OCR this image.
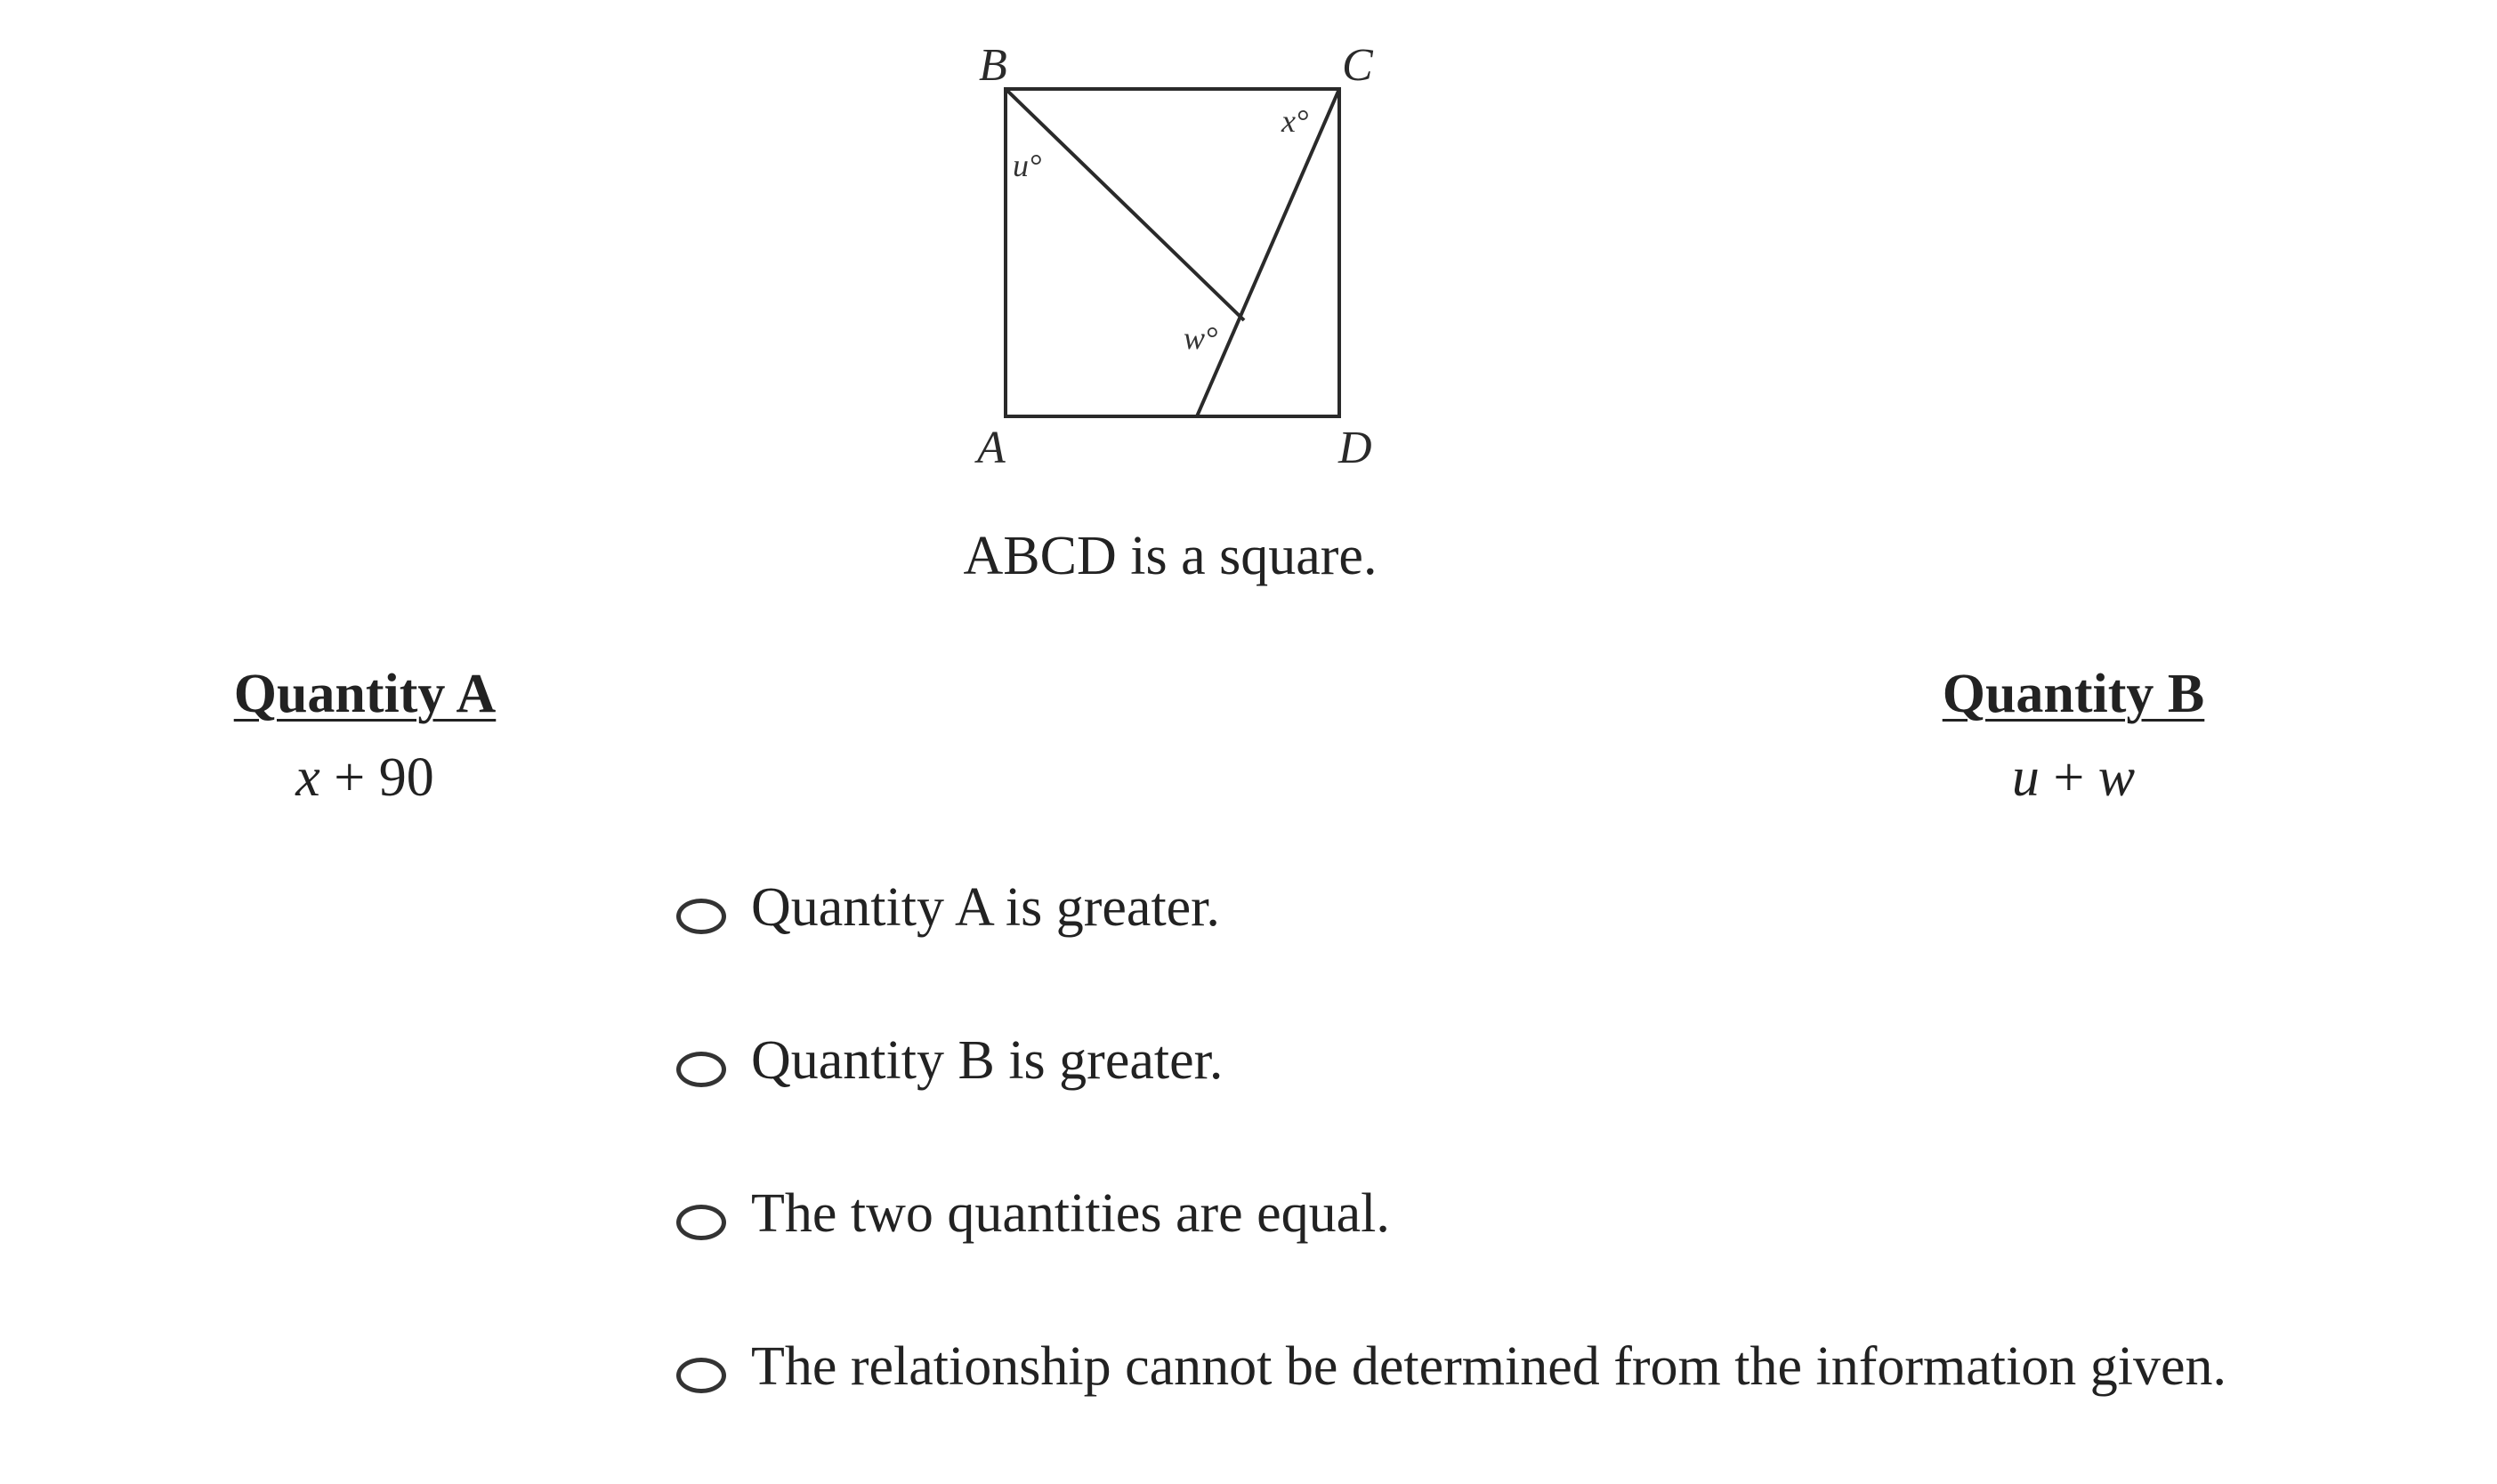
B	C
A	D
u°
x°
w°
ABCD is a square.
Quantity A
x + 90
Quantity B
u + w
Quantity A is greater.
Quantity B is greater.
The two quantities are equal.
The relationship cannot be determined from the information given.
